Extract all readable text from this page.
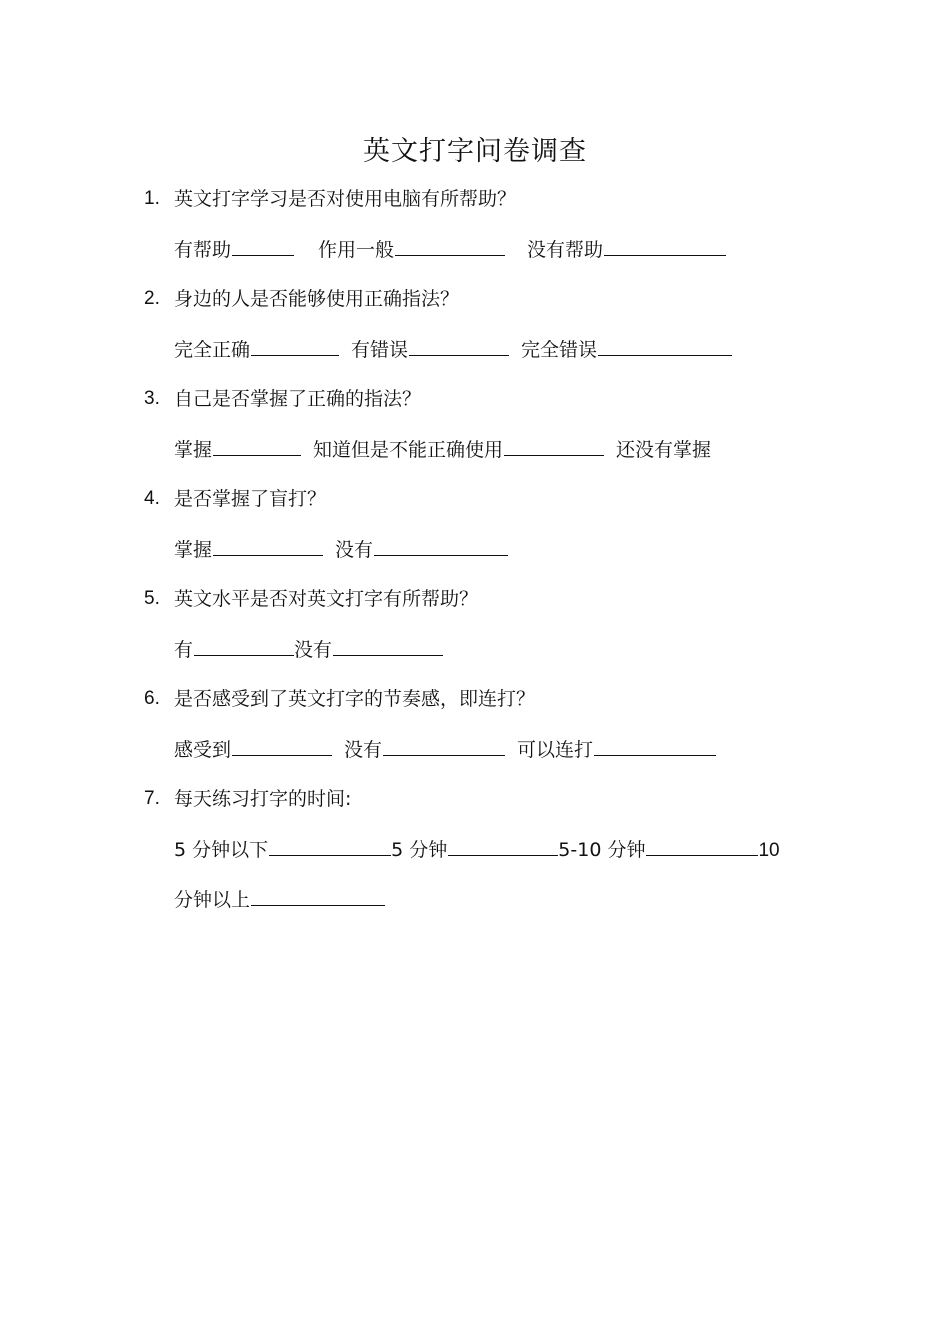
英文打字问卷调查
1. 英文打字学习是否对使用电脑有所帮助？
有帮助	作用一般	没有帮助
2. 身边的人是否能够使用正确指法？
完全正确	有错误	完全错误
3. 自己是否掌握了正确的指法？
掌握	知道但是不能正确使用	还没有掌握
4. 是否掌握了盲打？
掌握	没有
5. 英文水平是否对英文打字有所帮助？
有	没有
6. 是否感受到了英文打字的节奏感，即连打？
感受到	没有	可以连打
7. 每天练习打字的时间:
5 分钟以下	5 分钟	5-10 分钟	10
分钟以上
